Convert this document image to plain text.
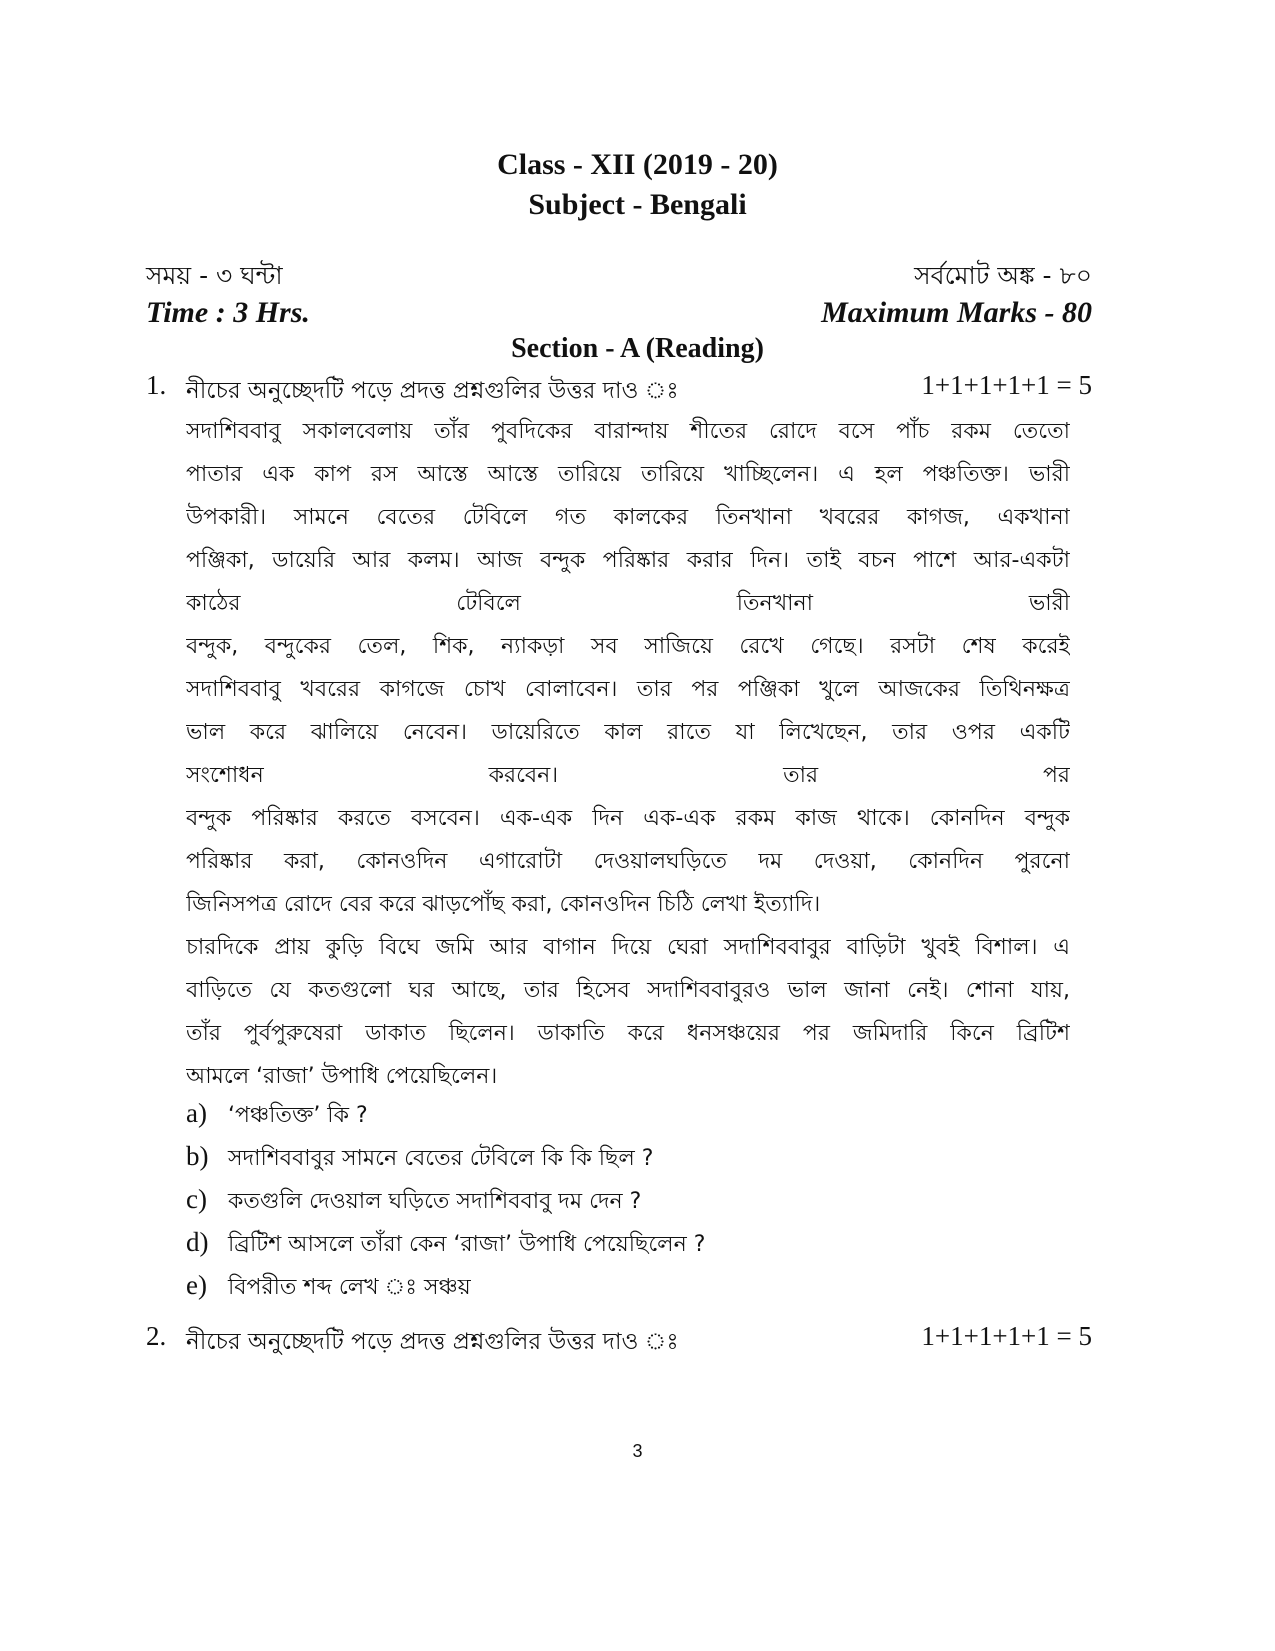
Class - XII (2019 - 20)
Subject - Bengali
সময় - ৩ ঘন্টা	সর্বমোট অঙ্ক - ৮০
Time : 3 Hrs.	Maximum Marks - 80
Section - A (Reading)
1. নীচের অনুচ্ছেদটি পড়ে প্রদত্ত প্রশ্নগুলির উত্তর দাও ঃ	1+1+1+1+1 = 5
সদাশিববাবু সকালবেলায় তাঁর পুবদিকের বারান্দায় শীতের রোদে বসে পাঁচ রকম তেতো
পাতার এক কাপ রস আস্তে আস্তে তারিয়ে তারিয়ে খাচ্ছিলেন। এ হল পঞ্চতিক্ত। ভারী
উপকারী। সামনে বেতের টেবিলে গত কালকের তিনখানা খবরের কাগজ, একখানা
পঞ্জিকা, ডায়েরি আর কলম। আজ বন্দুক পরিষ্কার করার দিন। তাই বচন পাশে আর-একটা
কাঠের টেবিলে তিনখানা ভারী
বন্দুক, বন্দুকের তেল, শিক, ন্যাকড়া সব সাজিয়ে রেখে গেছে। রসটা শেষ করেই
সদাশিববাবু খবরের কাগজে চোখ বোলাবেন। তার পর পঞ্জিকা খুলে আজকের তিথিনক্ষত্র
ভাল করে ঝালিয়ে নেবেন। ডায়েরিতে কাল রাতে যা লিখেছেন, তার ওপর একটি
সংশোধন করবেন। তার পর
বন্দুক পরিষ্কার করতে বসবেন। এক-এক দিন এক-এক রকম কাজ থাকে। কোনদিন বন্দুক
পরিষ্কার করা, কোনওদিন এগারোটা দেওয়ালঘড়িতে দম দেওয়া, কোনদিন পুরনো
জিনিসপত্র রোদে বের করে ঝাড়পোঁছ করা, কোনওদিন চিঠি লেখা ইত্যাদি।
চারদিকে প্রায় কুড়ি বিঘে জমি আর বাগান দিয়ে ঘেরা সদাশিববাবুর বাড়িটা খুবই বিশাল। এ
বাড়িতে যে কতগুলো ঘর আছে, তার হিসেব সদাশিববাবুরও ভাল জানা নেই। শোনা যায়,
তাঁর পুর্বপুরুষেরা ডাকাত ছিলেন। ডাকাতি করে ধনসঞ্চয়ের পর জমিদারি কিনে ব্রিটিশ
আমলে ‘রাজা’ উপাধি পেয়েছিলেন।
a) ‘পঞ্চতিক্ত’ কি ?
b) সদাশিববাবুর সামনে বেতের টেবিলে কি কি ছিল ?
c) কতগুলি দেওয়াল ঘড়িতে সদাশিববাবু দম দেন ?
d) ব্রিটিশ আসলে তাঁরা কেন ‘রাজা’ উপাধি পেয়েছিলেন ?
e) বিপরীত শব্দ লেখ ঃ সঞ্চয়
2. নীচের অনুচ্ছেদটি পড়ে প্রদত্ত প্রশ্নগুলির উত্তর দাও ঃ	1+1+1+1+1 = 5
3
